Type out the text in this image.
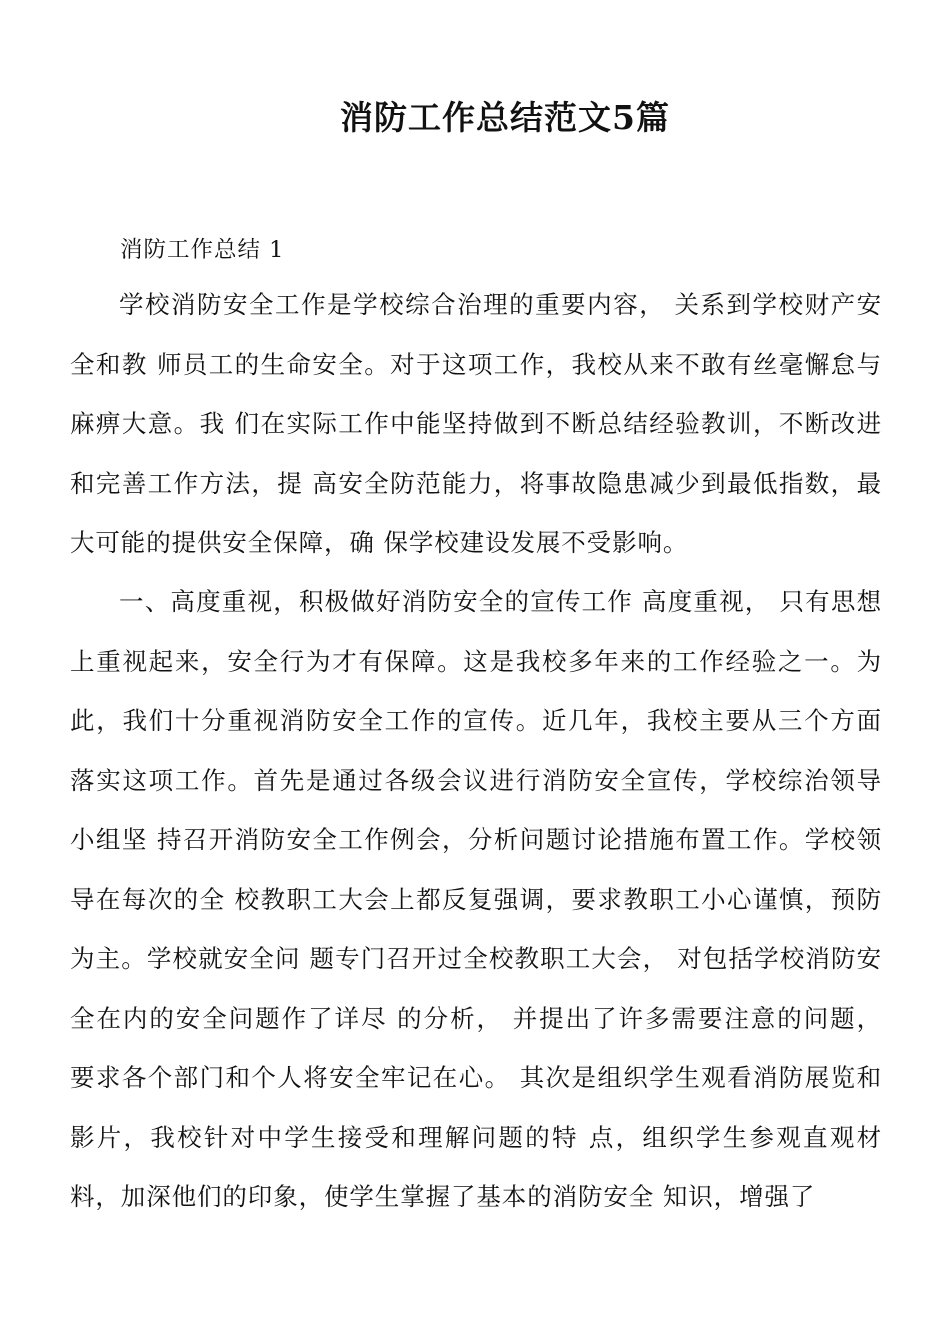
消防工作总结范文5篇

消防工作总结 1

学校消防安全工作是学校综合治理的重要内容， 关系到学校财产安全和教 师员工的生命安全。对于这项工作，我校从来不敢有丝毫懈怠与麻痹大意。我 们在实际工作中能坚持做到不断总结经验教训，不断改进和完善工作方法，提 高安全防范能力，将事故隐患减少到最低指数，最大可能的提供安全保障，确 保学校建设发展不受影响。

一、高度重视，积极做好消防安全的宣传工作 高度重视， 只有思想上重视起来，安全行为才有保障。这是我校多年来的工作经验之一。为此，我们十分重视消防安全工作的宣传。近几年，我校主要从三个方面 落实这项工作。首先是通过各级会议进行消防安全宣传，学校综治领导小组坚 持召开消防安全工作例会，分析问题讨论措施布置工作。学校领导在每次的全 校教职工大会上都反复强调，要求教职工小心谨慎，预防为主。学校就安全问 题专门召开过全校教职工大会， 对包括学校消防安全在内的安全问题作了详尽 的分析， 并提出了许多需要注意的问题， 要求各个部门和个人将安全牢记在心。 其次是组织学生观看消防展览和影片，我校针对中学生接受和理解问题的特 点，组织学生参观直观材料，加深他们的印象，使学生掌握了基本的消防安全 知识，增强了
